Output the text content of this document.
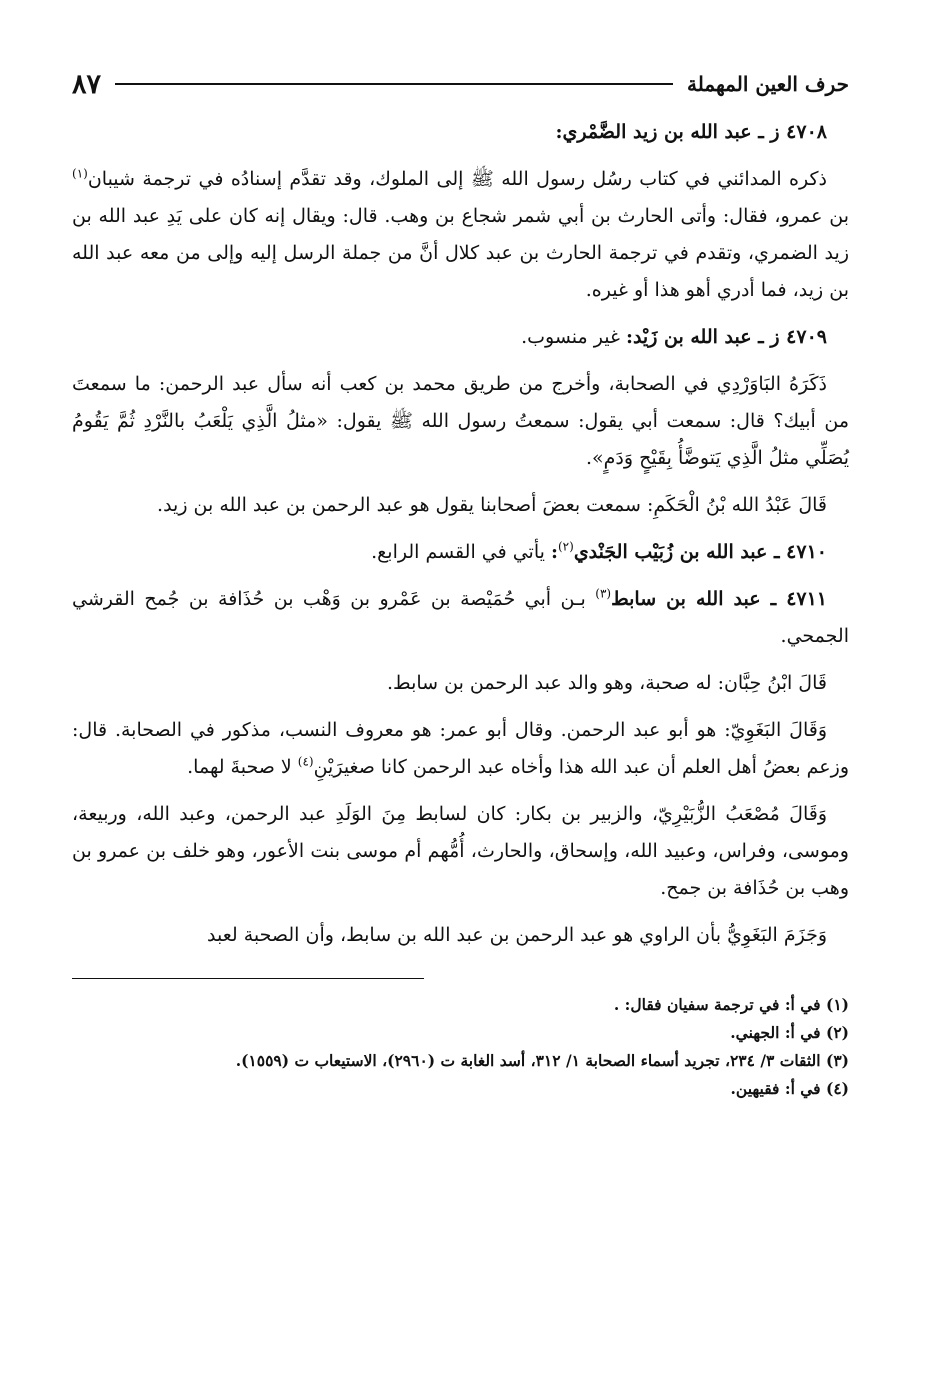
حرف العين المهملة
٨٧

٤٧٠٨ ز ـ عبد الله بن زيد الضَّمْري:

ذكره المدائني في كتاب رسُل رسول الله ﷺ إلى الملوك، وقد تقدَّم إسنادُه في ترجمة شيبان$^{(١)}$ بن عمرو، فقال: وأتى الحارث بن أبي شمر شجاع بن وهب. قال: ويقال إنه كان على يَدِ عبد الله بن زيد الضمري، وتقدم في ترجمة الحارث بن عبد كلال أنَّ من جملة الرسل إليه وإلى من معه عبد الله بن زيد، فما أدري أهو هذا أو غيره.

٤٧٠٩ ز ـ عبد الله بن زَيْد: غير منسوب.

ذَكَرَهُ البَاوَرْدِي في الصحابة، وأخرج من طريق محمد بن كعب أنه سأل عبد الرحمن: ما سمعتَ من أبيك؟ قال: سمعت أبي يقول: سمعتُ رسول الله ﷺ يقول: «مثلُ الَّذِي يَلْعَبُ بالنَّرْدِ ثُمَّ يَقُومُ يُصَلِّي مثلُ الَّذِي يَتوضَّأُ بِقَيْحٍ وَدَمٍ».

قَالَ عَبْدُ الله بْنُ الْحَكَمِ: سمعت بعضَ أصحابنا يقول هو عبد الرحمن بن عبد الله بن زيد.

٤٧١٠ ـ عبد الله بن زُبَيْب الجَنْدي$^{(٢)}$: يأتي في القسم الرابع.

٤٧١١ ـ عبد الله بن سابط$^{(٣)}$ بـن أبي حُمَيْصة بن عَمْرو بن وَهْب بن حُذَافة بن جُمح القرشي الجمحي.

قَالَ ابْنُ حِبَّان: له صحبة، وهو والد عبد الرحمن بن سابط.

وَقَالَ البَغَوِيّ: هو أبو عبد الرحمن. وقال أبو عمر: هو معروف النسب، مذكور في الصحابة. قال: وزعم بعضُ أهل العلم أن عبد الله هذا وأخاه عبد الرحمن كانا صغيرَيْنِ$^{(٤)}$ لا صحبةَ لهما.

وَقَالَ مُصْعَبُ الزُّبَيْرِيّ، والزبير بن بكار: كان لسابط مِنَ الوَلَدِ عبد الرحمن، وعبد الله، وربيعة، وموسى، وفراس، وعبيد الله، وإسحاق، والحارث، أُمُّهم أم موسى بنت الأعور، وهو خلف بن عمرو بن وهب بن حُذَافة بن جمح.

وَجَزَمَ البَغَوِيُّ بأن الراوي هو عبد الرحمن بن عبد الله بن سابط، وأن الصحبة لعبد

(١) في أ: في ترجمة سفيان فقال: .

(٢) في أ: الجهني.

(٣) الثقات ٣/ ٢٣٤، تجريد أسماء الصحابة ١/ ٣١٢، أسد الغابة ت (٢٩٦٠)، الاستيعاب ت (١٥٥٩).

(٤) في أ: فقيهين.
